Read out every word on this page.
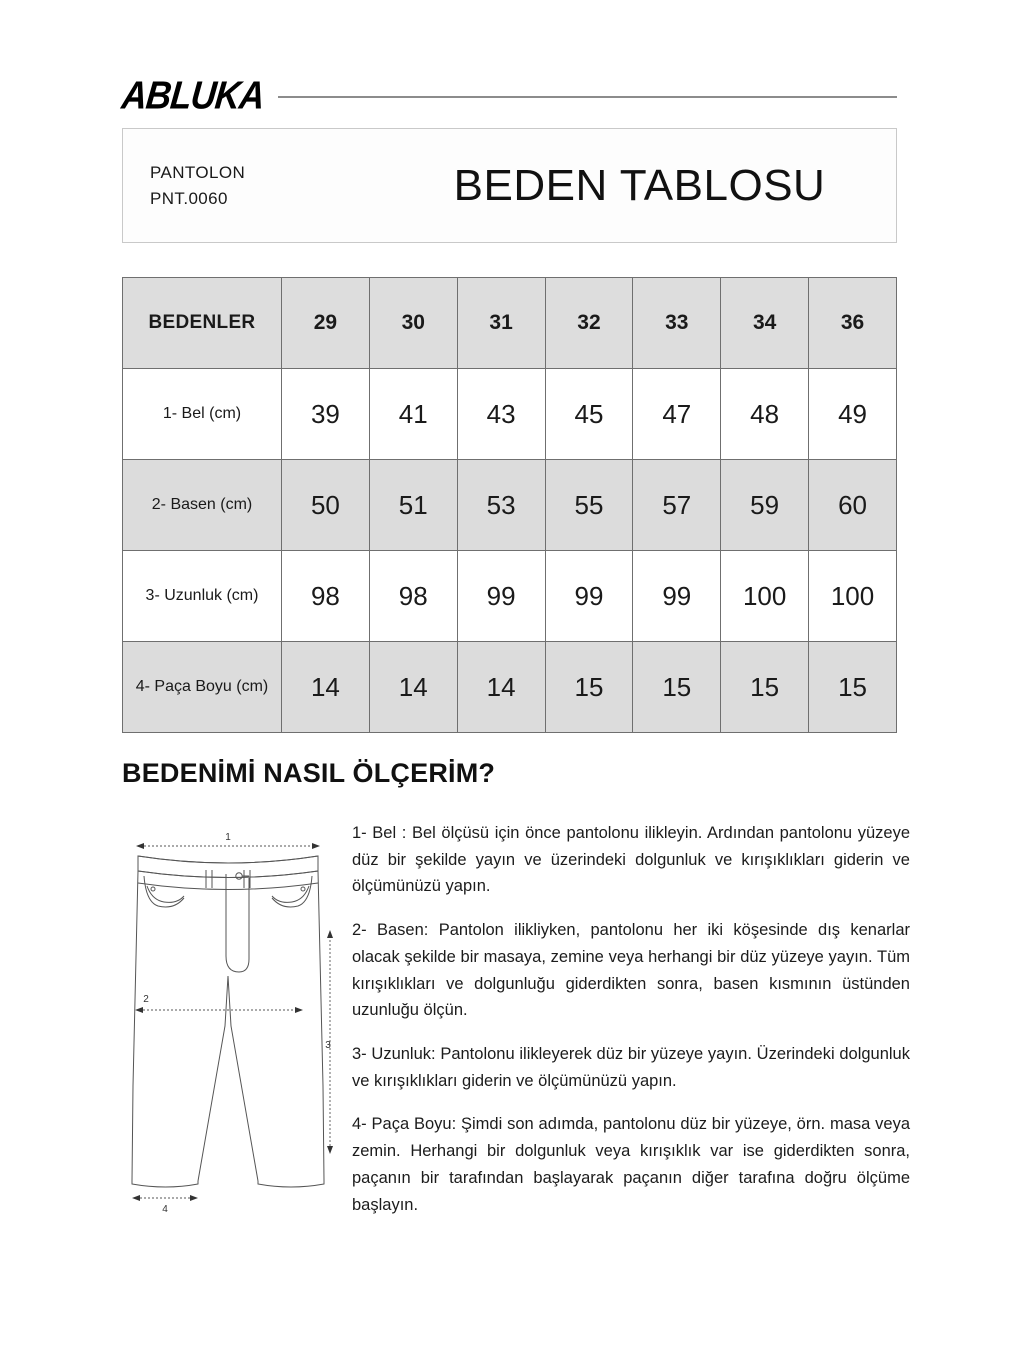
ABLUKA
PANTOLON
PNT.0060	BEDEN TABLOSU
BEDENLER	29	30	31	32	33	34	36
1- Bel (cm)	39	41	43	45	47	48	49
2- Basen (cm)	50	51	53	55	57	59	60
3- Uzunluk (cm)	98	98	99	99	99	100	100
4- Paça Boyu (cm)	14	14	14	15	15	15	15
BEDENİMİ NASIL ÖLÇERİM?
1
2
3
4

1- Bel : Bel ölçüsü için önce pantolonu ilikleyin. Ardından pantolonu yüzeye düz bir şekilde yayın ve üzerindeki dolgunluk ve kırışıklıkları giderin ve ölçümünüzü yapın.

2- Basen: Pantolon ilikliyken, pantolonu her iki köşesinde dış kenarlar olacak şekilde bir masaya, zemine veya herhangi bir düz yüzeye yayın. Tüm kırışıklıkları ve dolgunluğu giderdikten sonra, basen kısmının üstünden uzunluğu ölçün.

3- Uzunluk: Pantolonu ilikleyerek düz bir yüzeye yayın. Üzerindeki dolgunluk ve kırışıklıkları giderin ve ölçümünüzü yapın.

4- Paça Boyu: Şimdi son adımda, pantolonu düz bir yüzeye, örn. masa veya zemin. Herhangi bir dolgunluk veya kırışıklık var ise giderdikten sonra, paçanın bir tarafından başlayarak paçanın diğer tarafına doğru ölçüme başlayın.
